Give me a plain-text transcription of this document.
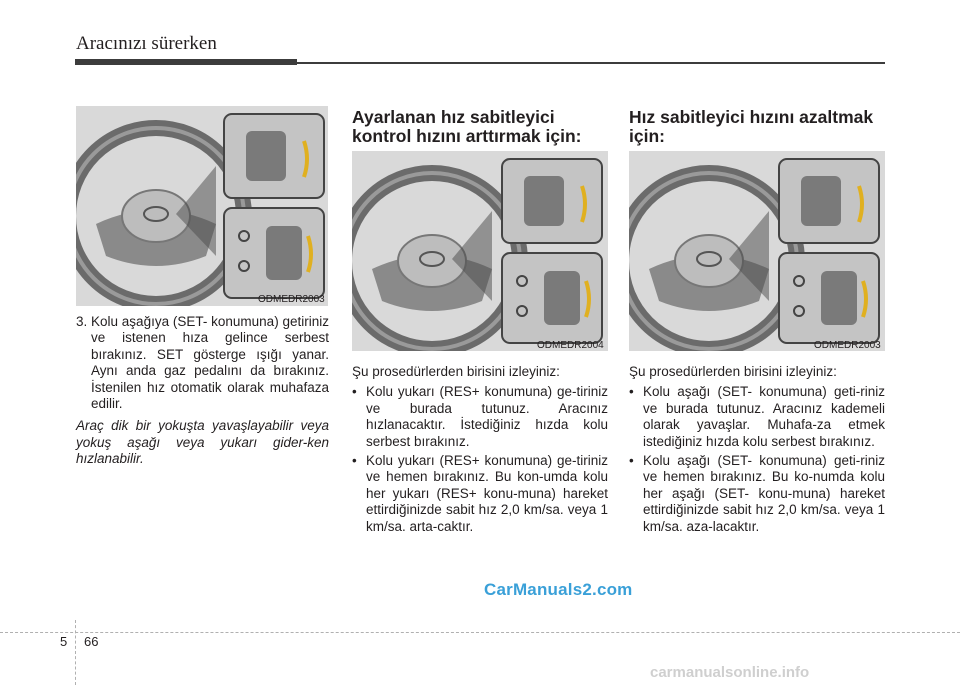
Aracınızı sürerken
ODMEDR2003
3. Kolu aşağıya (SET- konumuna) getiriniz ve istenen hıza gelince serbest bırakınız. SET gösterge ışığı yanar. Aynı anda gaz pedalını da bırakınız. İstenilen hız otomatik olarak muhafaza edilir.

Araç dik bir yokuşta yavaşlayabilir veya yokuş aşağı veya yukarı gider-ken hızlanabilir.

Ayarlanan hız sabitleyici kontrol hızını arttırmak için:
ODMEDR2004

Şu prosedürlerden birisini izleyiniz:

• Kolu yukarı (RES+ konumuna) ge-tiriniz ve burada tutunuz. Aracınız hızlanacaktır. İstediğiniz hızda kolu serbest bırakınız.
• Kolu yukarı (RES+ konumuna) ge-tiriniz ve hemen bırakınız. Bu kon-umda kolu her yukarı (RES+ konu-muna) hareket ettirdiğinizde sabit hız 2,0 km/sa. veya 1 km/sa. arta-caktır.
Hız sabitleyici hızını azaltmak için:
ODMEDR2003

Şu prosedürlerden birisini izleyiniz:

• Kolu aşağı (SET- konumuna) geti-riniz ve burada tutunuz. Aracınız kademeli olarak yavaşlar. Muhafa-za etmek istediğiniz hızda kolu serbest bırakınız.
• Kolu aşağı (SET- konumuna) geti-riniz ve hemen bırakınız. Bu ko-numda kolu her aşağı (SET- konu-muna) hareket ettirdiğinizde sabit hız 2,0 km/sa. veya 1 km/sa. aza-lacaktır.
CarManuals2.com
5 66
carmanualsonline.info
